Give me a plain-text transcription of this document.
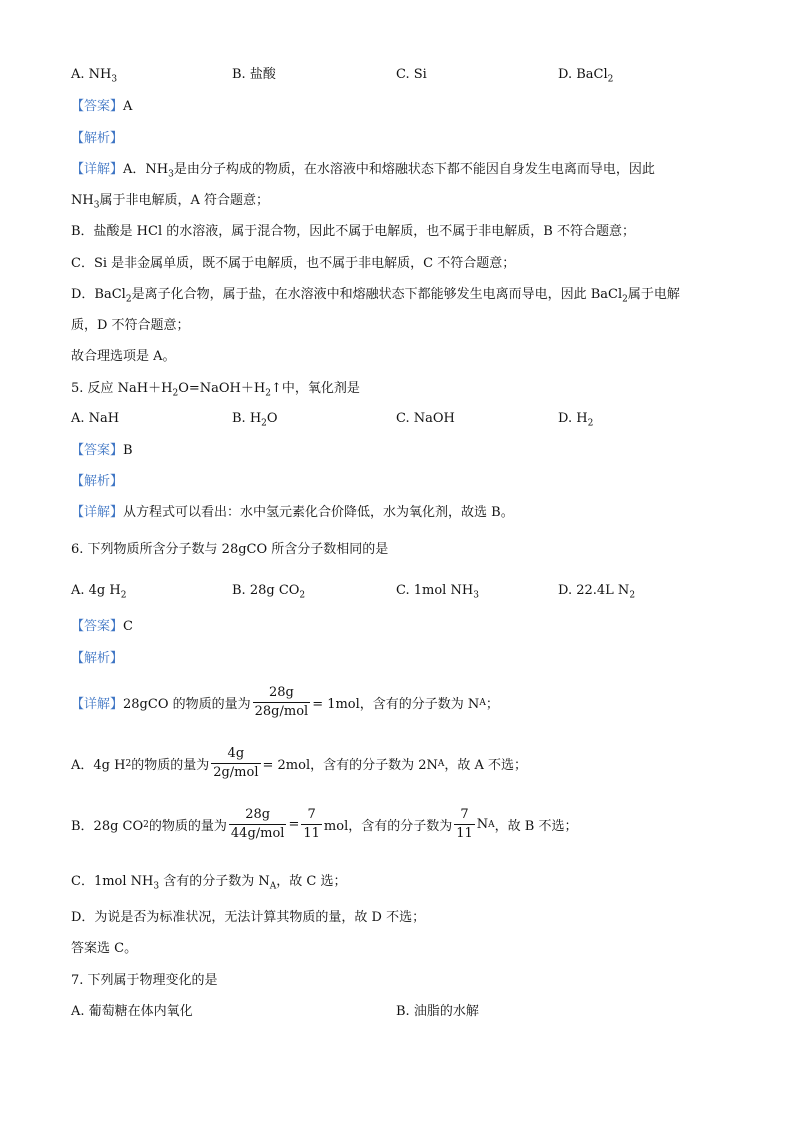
A. $NH_3$	B. 盐酸	C. Si	D. BaCl$_2$
【答案】A
【解析】
【详解】A．$NH_3$是由分子构成的物质，在水溶液中和熔融状态下都不能因自身发生电离而导电，因此
$NH_3$属于非电解质，A 符合题意；
B．盐酸是 HCl 的水溶液，属于混合物，因此不属于电解质，也不属于非电解质，B 不符合题意；
C．Si 是非金属单质，既不属于电解质，也不属于非电解质，C 不符合题意；
D．BaCl$_2$是离子化合物，属于盐，在水溶液中和熔融状态下都能够发生电离而导电，因此 BaCl$_2$属于电解
质，D 不符合题意；
故合理选项是 A。
5. 反应 $NaH+H_2O=NaOH+H_2↑$中，氧化剂是
A. NaH	B. $H_2O$	C. NaOH	D. $H_2$
【答案】B
【解析】
【详解】从方程式可以看出：水中氢元素化合价降低，水为氧化剂，故选 B。
6. 下列物质所含分子数与 28gCO 所含分子数相同的是
A. 4g $H_2$	B. 28g $CO_2$	C. 1mol $NH_3$	D. 22.4L $N_2$
【答案】C
【解析】
【详解】 28gCO 的物质的量为 $\frac{28g}{\text{28g/mol}} = 1mol$，含有的分子数为 N A ；
A．4g H 2 的物质的量为 $\frac{4g}{\text{2g/mol}} = 2mol$，含有的分子数为 2N A ，故 A 不选；
B．28g CO 2 的物质的量为 $\frac{28g}{\text{44g/mol}} = \frac{7}{11}$ mol，含有的分子数为 $\frac{7}{11}$ N A ，故 B 不选；
C．1mol $NH_3$ 含有的分子数为 $N_A$，故 C 选；
D．为说是否为标准状况，无法计算其物质的量，故 D 不选；
答案选 C。
7. 下列属于物理变化的是
A. 葡萄糖在体内氧化	B. 油脂的水解
